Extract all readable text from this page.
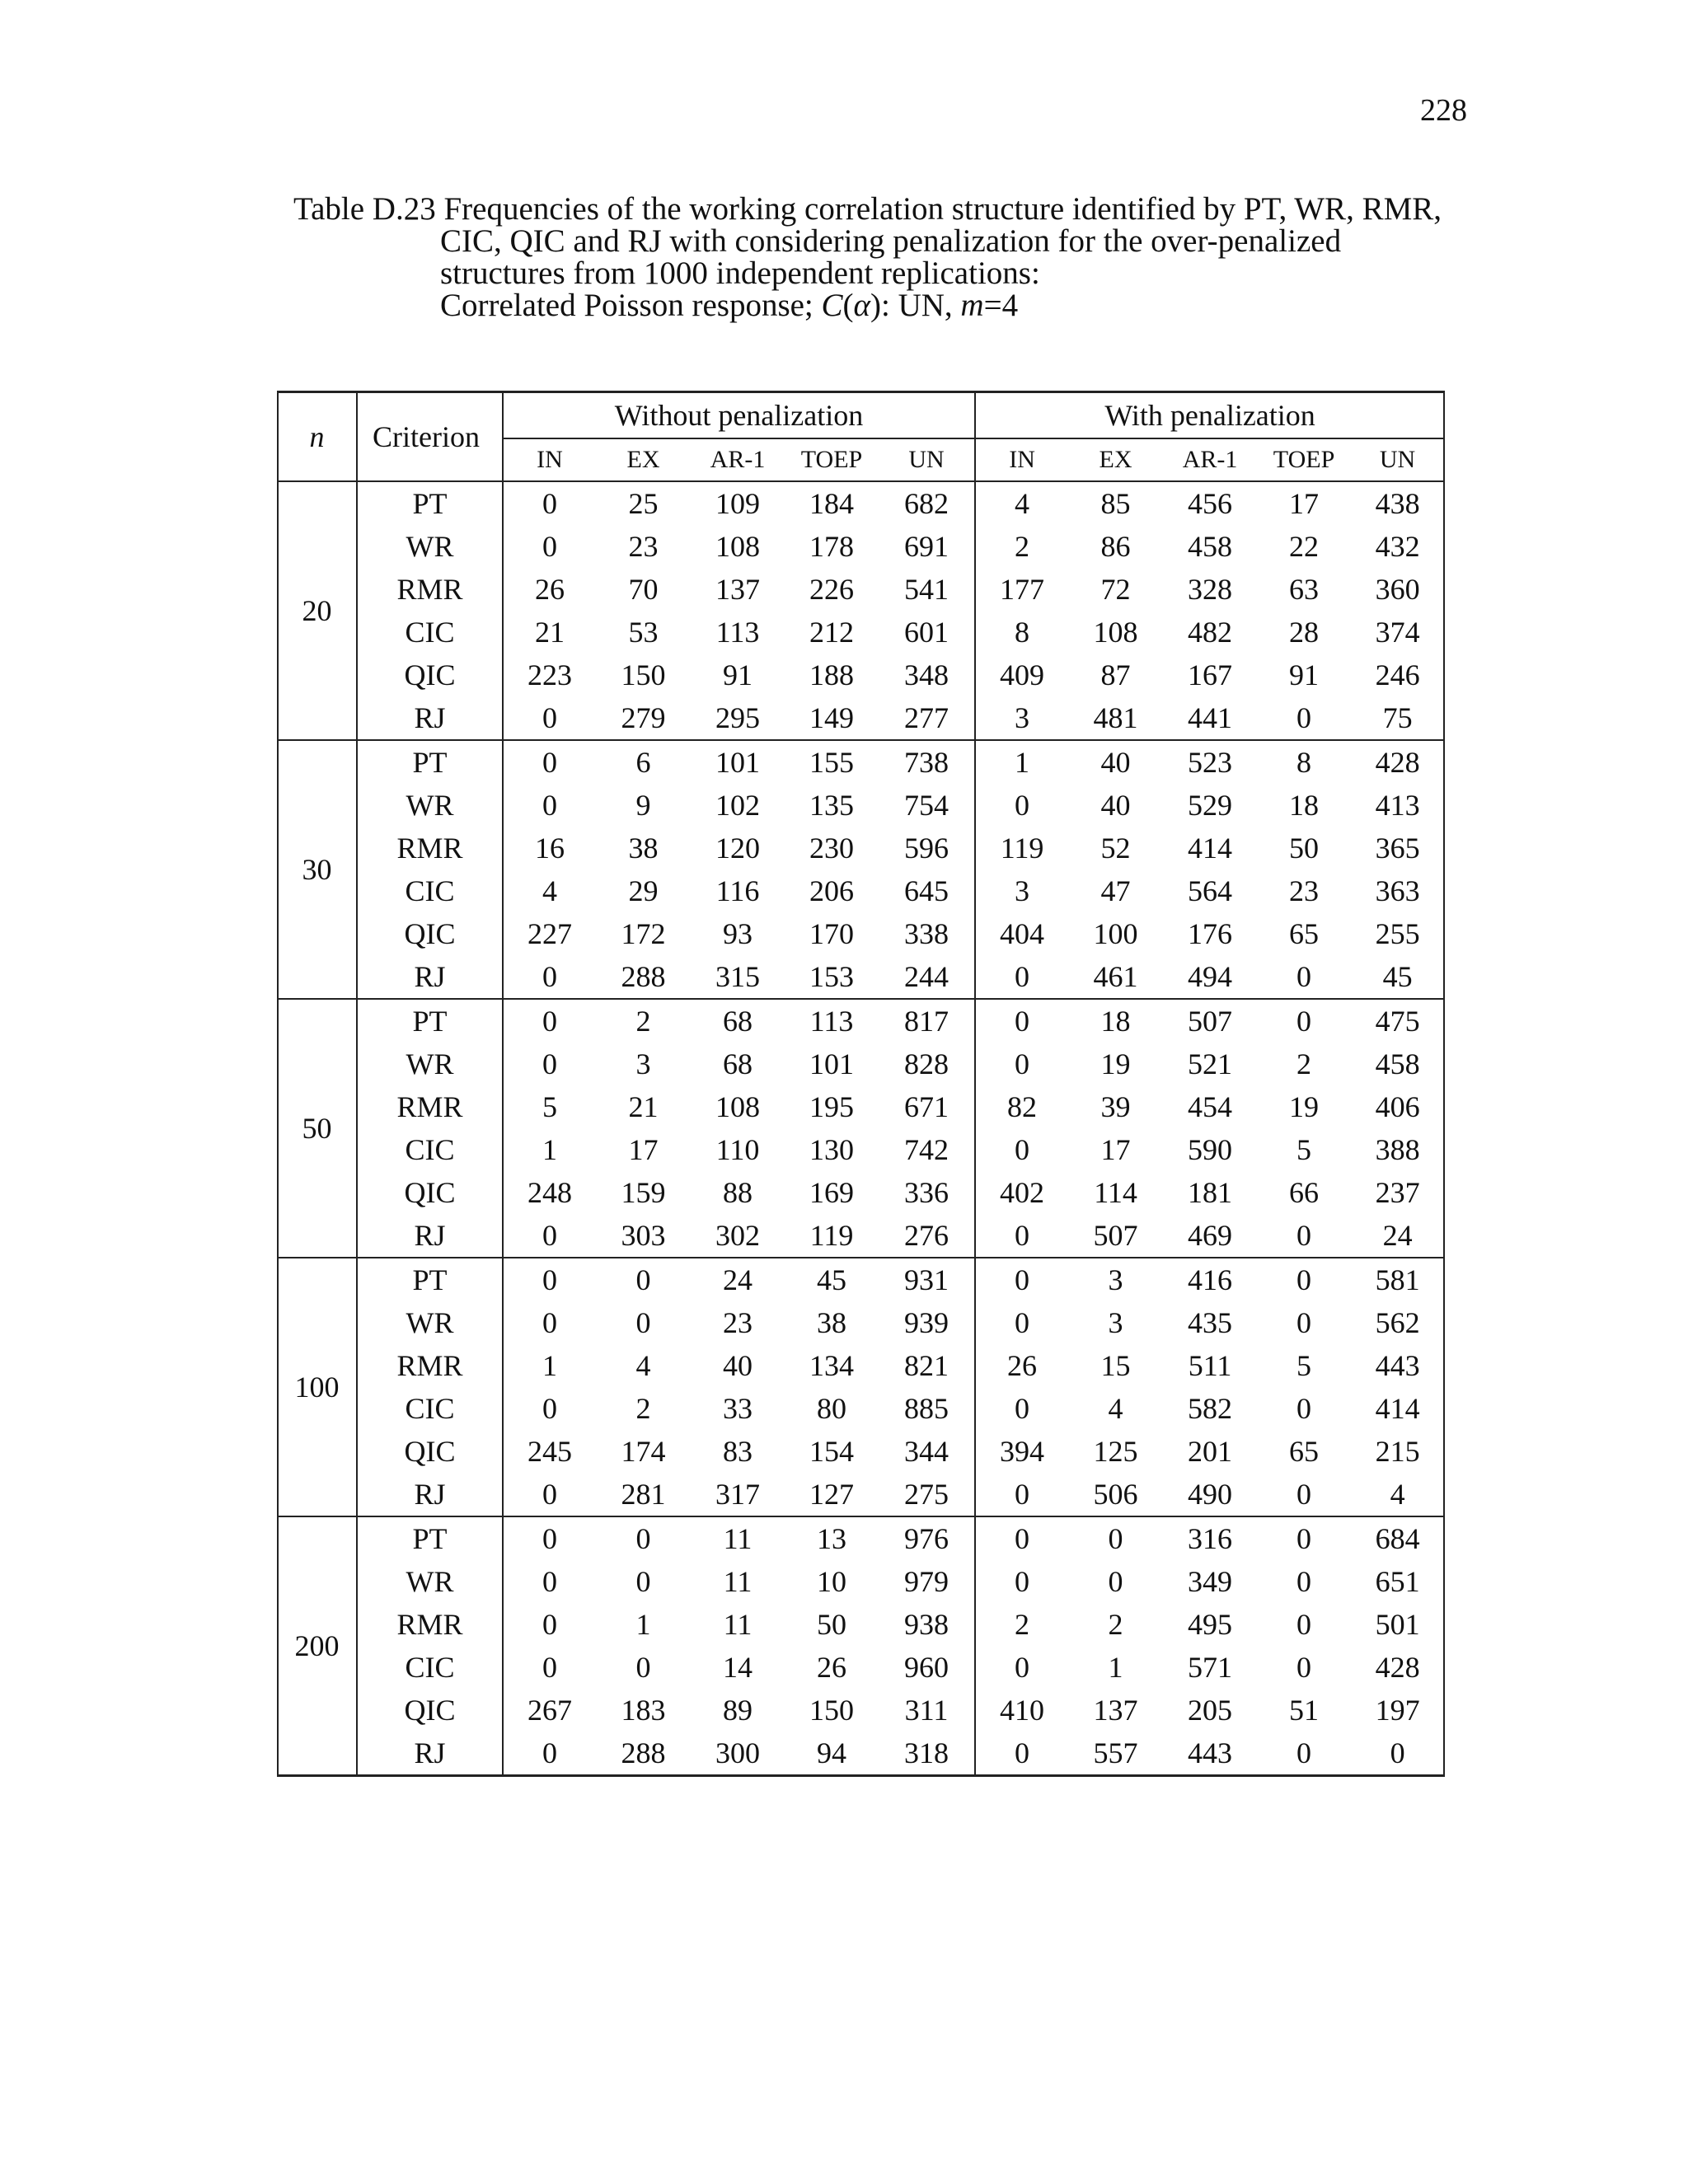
228
Table D.23 Frequencies of the working correlation structure identified by PT, WR, RMR,
CIC, QIC and RJ with considering penalization for the over-penalized
structures from 1000 independent replications:
Correlated Poisson response; C(α): UN, m=4
n	Criterion	Without penalization					With penalization				
		IN	EX	AR-1	TOEP	UN	IN	EX	AR-1	TOEP	UN
20	PT	0	25	109	184	682	4	85	456	17	438
	WR	0	23	108	178	691	2	86	458	22	432
	RMR	26	70	137	226	541	177	72	328	63	360
	CIC	21	53	113	212	601	8	108	482	28	374
	QIC	223	150	91	188	348	409	87	167	91	246
	RJ	0	279	295	149	277	3	481	441	0	75
30	PT	0	6	101	155	738	1	40	523	8	428
	WR	0	9	102	135	754	0	40	529	18	413
	RMR	16	38	120	230	596	119	52	414	50	365
	CIC	4	29	116	206	645	3	47	564	23	363
	QIC	227	172	93	170	338	404	100	176	65	255
	RJ	0	288	315	153	244	0	461	494	0	45
50	PT	0	2	68	113	817	0	18	507	0	475
	WR	0	3	68	101	828	0	19	521	2	458
	RMR	5	21	108	195	671	82	39	454	19	406
	CIC	1	17	110	130	742	0	17	590	5	388
	QIC	248	159	88	169	336	402	114	181	66	237
	RJ	0	303	302	119	276	0	507	469	0	24
100	PT	0	0	24	45	931	0	3	416	0	581
	WR	0	0	23	38	939	0	3	435	0	562
	RMR	1	4	40	134	821	26	15	511	5	443
	CIC	0	2	33	80	885	0	4	582	0	414
	QIC	245	174	83	154	344	394	125	201	65	215
	RJ	0	281	317	127	275	0	506	490	0	4
200	PT	0	0	11	13	976	0	0	316	0	684
	WR	0	0	11	10	979	0	0	349	0	651
	RMR	0	1	11	50	938	2	2	495	0	501
	CIC	0	0	14	26	960	0	1	571	0	428
	QIC	267	183	89	150	311	410	137	205	51	197
	RJ	0	288	300	94	318	0	557	443	0	0
